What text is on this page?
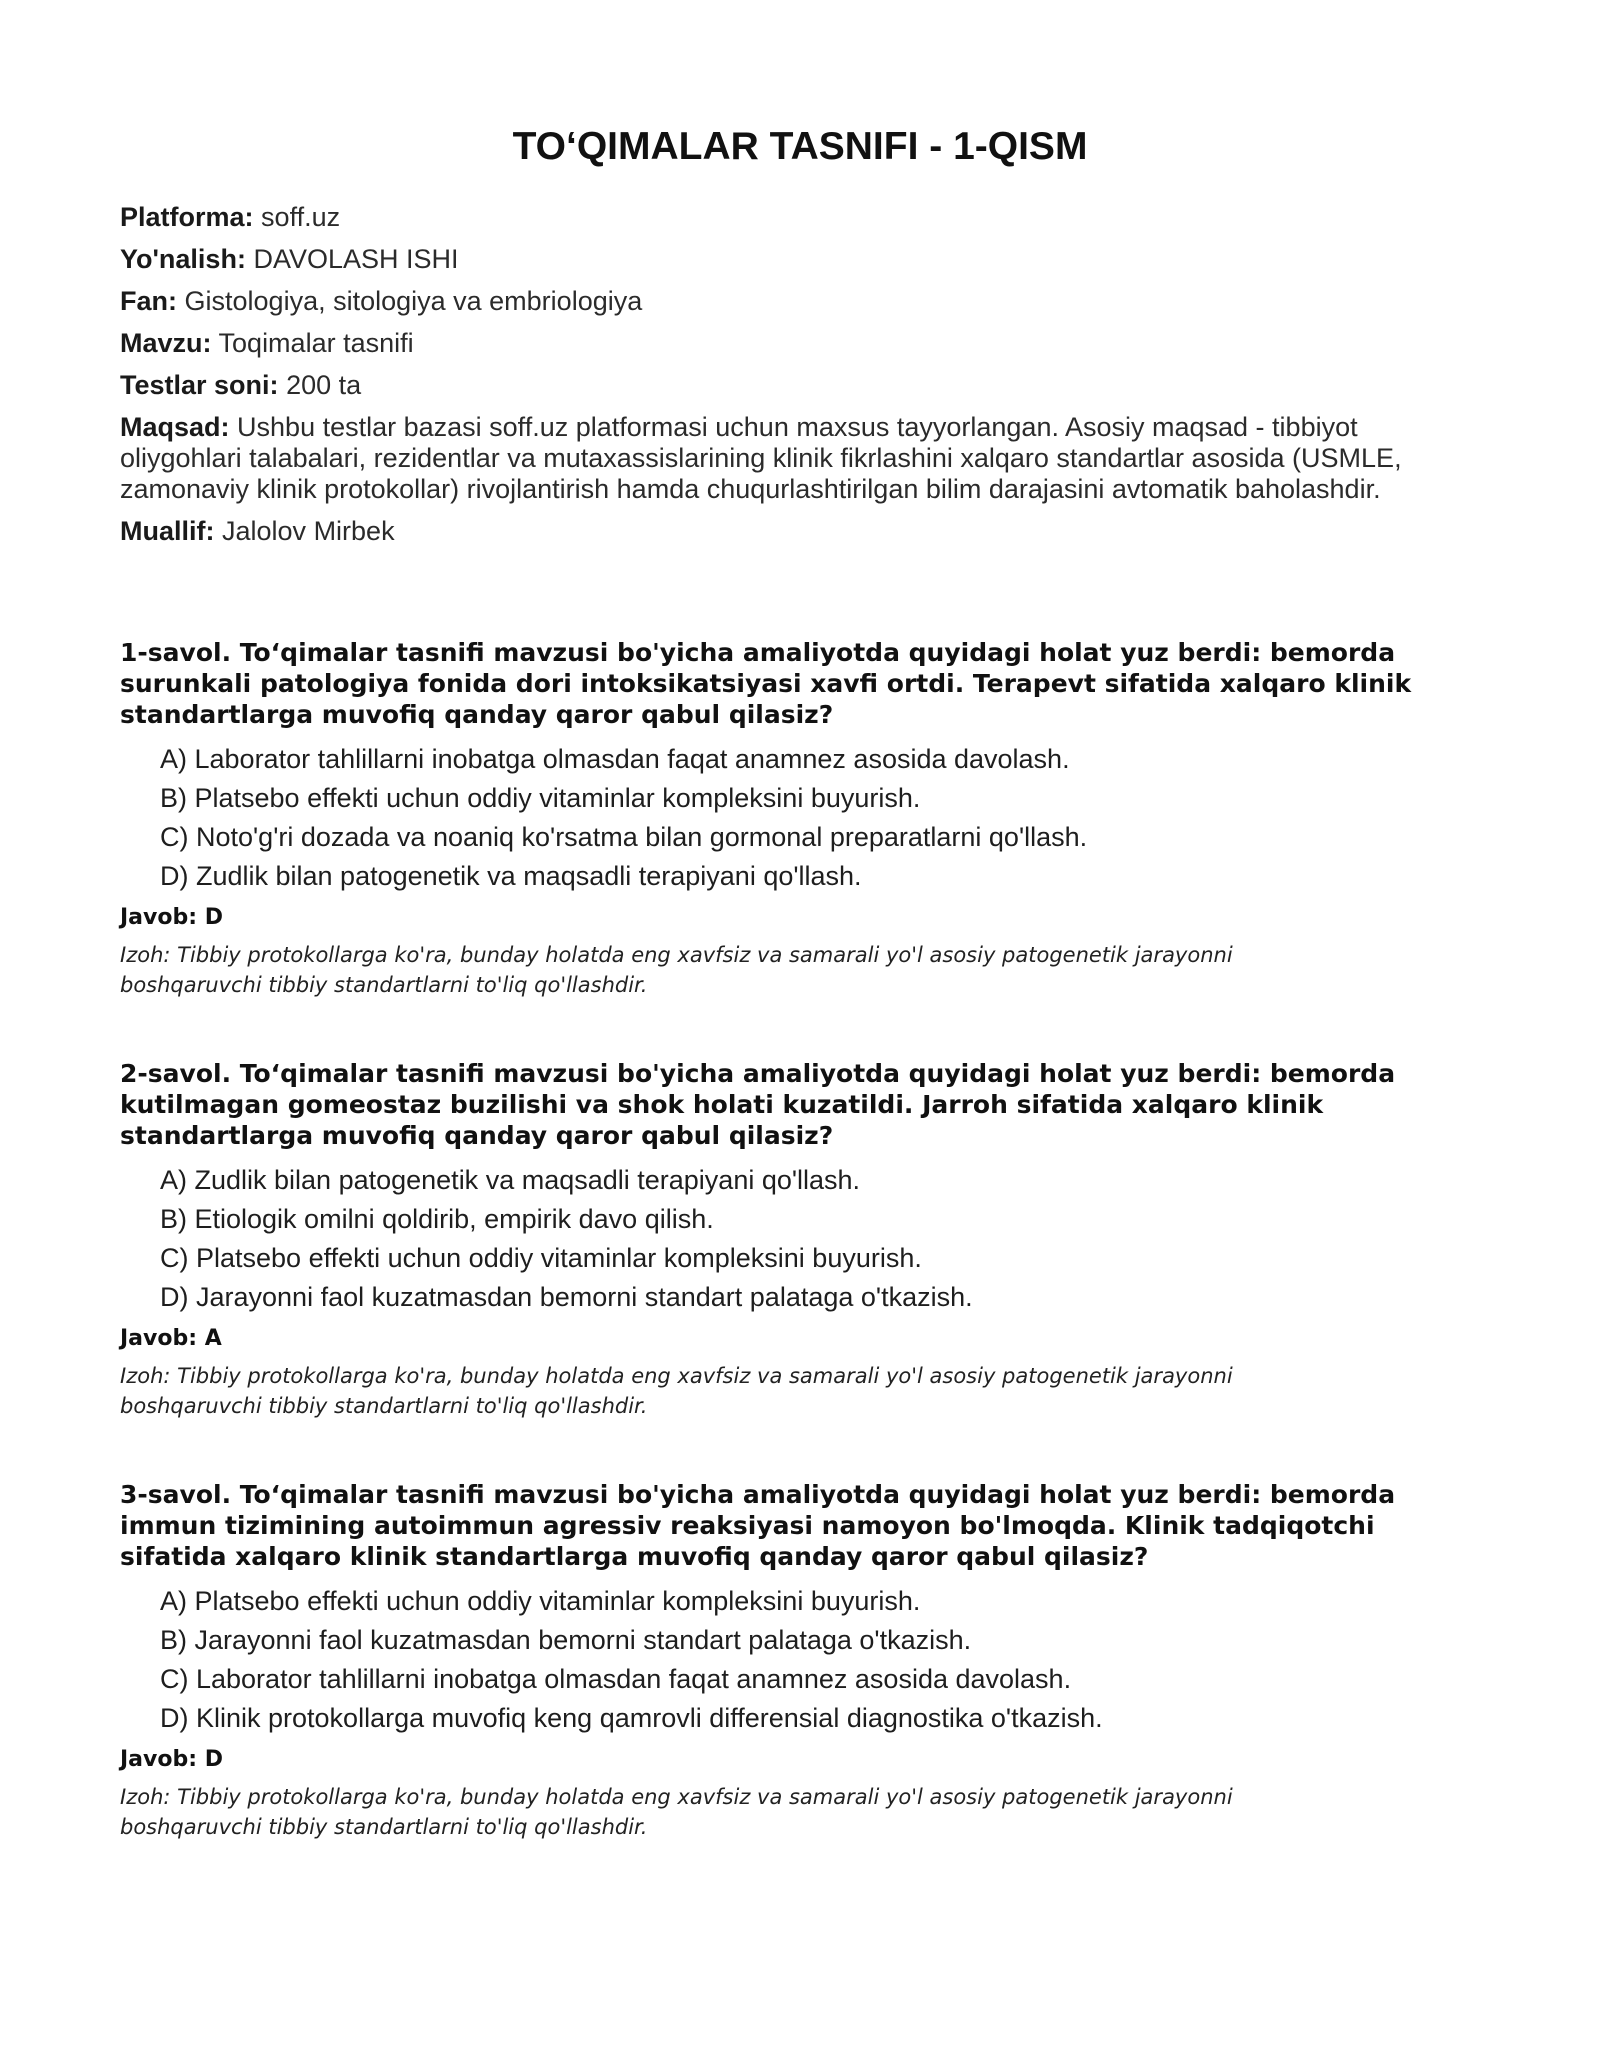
TO‘QIMALAR TASNIFI - 1-QISM
Platforma: soff.uz
Yo'nalish: DAVOLASH ISHI
Fan: Gistologiya, sitologiya va embriologiya
Mavzu: Toqimalar tasnifi
Testlar soni: 200 ta
Maqsad: Ushbu testlar bazasi soff.uz platformasi uchun maxsus tayyorlangan. Asosiy maqsad - tibbiyot oliygohlari talabalari, rezidentlar va mutaxassislarining klinik fikrlashini xalqaro standartlar asosida (USMLE, zamonaviy klinik protokollar) rivojlantirish hamda chuqurlashtirilgan bilim darajasini avtomatik baholashdir.
Muallif: Jalolov Mirbek
1-savol. To‘qimalar tasnifi mavzusi bo'yicha amaliyotda quyidagi holat yuz berdi: bemorda surunkali patologiya fonida dori intoksikatsiyasi xavfi ortdi. Terapevt sifatida xalqaro klinik standartlarga muvofiq qanday qaror qabul qilasiz?
A) Laborator tahlillarni inobatga olmasdan faqat anamnez asosida davolash.
B) Platsebo effekti uchun oddiy vitaminlar kompleksini buyurish.
C) Noto'g'ri dozada va noaniq ko'rsatma bilan gormonal preparatlarni qo'llash.
D) Zudlik bilan patogenetik va maqsadli terapiyani qo'llash.
Javob: D
Izoh: Tibbiy protokollarga ko'ra, bunday holatda eng xavfsiz va samarali yo'l asosiy patogenetik jarayonni boshqaruvchi tibbiy standartlarni to'liq qo'llashdir.
2-savol. To‘qimalar tasnifi mavzusi bo'yicha amaliyotda quyidagi holat yuz berdi: bemorda kutilmagan gomeostaz buzilishi va shok holati kuzatildi. Jarroh sifatida xalqaro klinik standartlarga muvofiq qanday qaror qabul qilasiz?
A) Zudlik bilan patogenetik va maqsadli terapiyani qo'llash.
B) Etiologik omilni qoldirib, empirik davo qilish.
C) Platsebo effekti uchun oddiy vitaminlar kompleksini buyurish.
D) Jarayonni faol kuzatmasdan bemorni standart palataga o'tkazish.
Javob: A
Izoh: Tibbiy protokollarga ko'ra, bunday holatda eng xavfsiz va samarali yo'l asosiy patogenetik jarayonni boshqaruvchi tibbiy standartlarni to'liq qo'llashdir.
3-savol. To‘qimalar tasnifi mavzusi bo'yicha amaliyotda quyidagi holat yuz berdi: bemorda immun tizimining autoimmun agressiv reaksiyasi namoyon bo'lmoqda. Klinik tadqiqotchi sifatida xalqaro klinik standartlarga muvofiq qanday qaror qabul qilasiz?
A) Platsebo effekti uchun oddiy vitaminlar kompleksini buyurish.
B) Jarayonni faol kuzatmasdan bemorni standart palataga o'tkazish.
C) Laborator tahlillarni inobatga olmasdan faqat anamnez asosida davolash.
D) Klinik protokollarga muvofiq keng qamrovli differensial diagnostika o'tkazish.
Javob: D
Izoh: Tibbiy protokollarga ko'ra, bunday holatda eng xavfsiz va samarali yo'l asosiy patogenetik jarayonni boshqaruvchi tibbiy standartlarni to'liq qo'llashdir.
